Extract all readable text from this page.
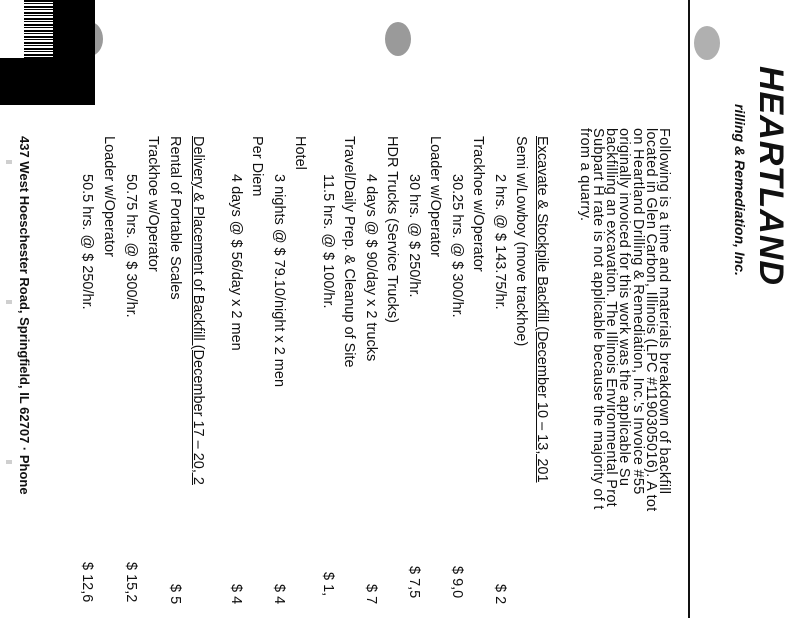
HEARTLAND
rilling & Remediation, Inc.
Following is a time and materials breakdown of backfill
located in Glen Carbon, Illinois (LPC #1190305016). A tot
on Heartland Drilling & Remediation, Inc.'s Invoice #55
originally invoiced for this work was the applicable Su
backfilling an excavation. The Illinois Environmental Prot
Subpart H rate is not applicable because the majority of t
from a quarry.
Excavate & Stockpile Backfill (December 10 – 13, 201
Semi w/Lowboy (move trackhoe)
2 hrs. @ $ 143.75/hr.
$ 2
Trackhoe w/Operator
30.25 hrs. @ $ 300/hr.
$ 9,0
Loader w/Operator
30 hrs. @ $ 250/hr.
$ 7,5
HDR Trucks (Service Trucks)
4 days @ $ 90/day x 2 trucks
$ 7
Travel/Daily Prep. & Cleanup of Site
11.5 hrs. @ $ 100/hr.
$ 1,
Hotel
3 nights @ $ 79.10/night x 2 men
$ 4
Per Diem
4 days @ $ 56/day x 2 men
$ 4
Delivery & Placement of Backfill (December 17 – 20, 2
Rental of Portable Scales
$ 5
Trackhoe w/Operator
50.75 hrs. @ $ 300/hr.
$ 15,2
Loader w/Operator
50.5 hrs. @ $ 250/hr.
$ 12,6
437 West Hoeschester Road, Springfield, IL 62707 · Phone
